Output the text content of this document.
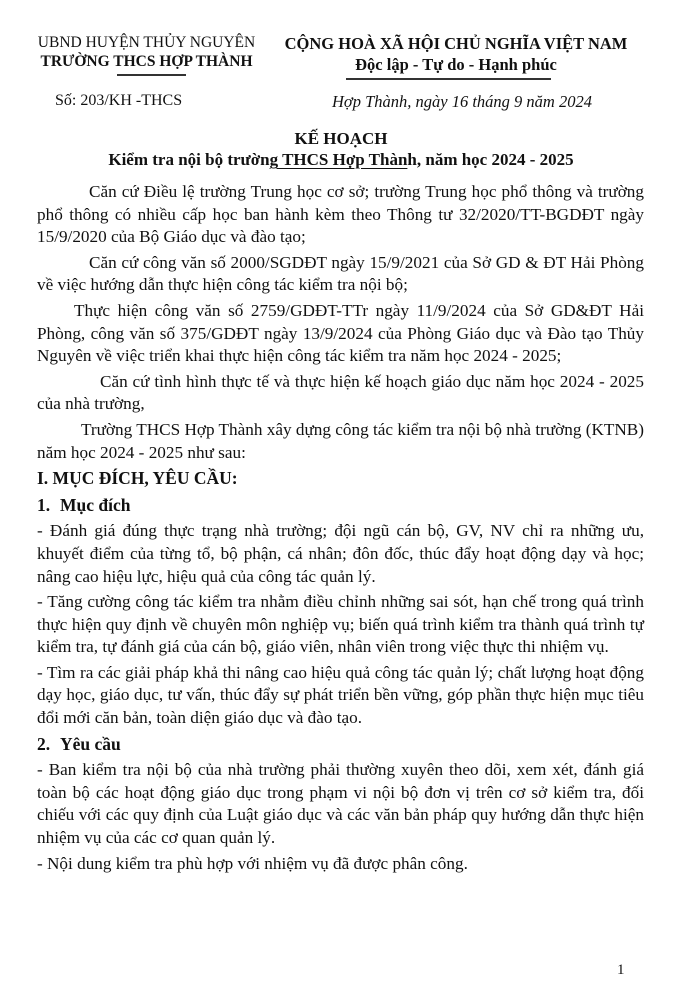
UBND HUYỆN THỦY NGUYÊN
TRƯỜNG THCS HỢP THÀNH
CỘNG HOÀ XÃ HỘI CHỦ NGHĨA VIỆT NAM
Độc lập - Tự do - Hạnh phúc
Số: 203/KH -THCS	Hợp Thành, ngày 16 tháng 9 năm 2024
KẾ HOẠCH
Kiểm tra nội bộ trường THCS Hợp Thành, năm học 2024 - 2025

Căn cứ Điều lệ trường Trung học cơ sở; trường Trung học phổ thông và trường phổ thông có nhiều cấp học ban hành kèm theo Thông tư 32/2020/TT-BGDĐT ngày 15/9/2020 của Bộ Giáo dục và đào tạo;

Căn cứ công văn số 2000/SGDĐT ngày 15/9/2021 của Sở GD & ĐT Hải Phòng về việc hướng dẫn thực hiện công tác kiểm tra nội bộ;

Thực hiện công văn số 2759/GDĐT-TTr ngày 11/9/2024 của Sở GD&ĐT Hải Phòng, công văn số 375/GDĐT ngày 13/9/2024 của Phòng Giáo dục và Đào tạo Thủy Nguyên về việc triển khai thực hiện công tác kiểm tra năm học 2024 - 2025;

Căn cứ tình hình thực tế và thực hiện kế hoạch giáo dục năm học 2024 - 2025 của nhà trường,

Trường THCS Hợp Thành xây dựng công tác kiểm tra nội bộ nhà trường (KTNB) năm học 2024 - 2025 như sau:

I. MỤC ĐÍCH, YÊU CẦU:

1. Mục đích

- Đánh giá đúng thực trạng nhà trường; đội ngũ cán bộ, GV, NV chỉ ra những ưu, khuyết điểm của từng tổ, bộ phận, cá nhân; đôn đốc, thúc đẩy hoạt động dạy và học; nâng cao hiệu lực, hiệu quả của công tác quản lý.

- Tăng cường công tác kiểm tra nhằm điều chỉnh những sai sót, hạn chế trong quá trình thực hiện quy định về chuyên môn nghiệp vụ; biến quá trình kiểm tra thành quá trình tự kiểm tra, tự đánh giá của cán bộ, giáo viên, nhân viên trong việc thực thi nhiệm vụ.

- Tìm ra các giải pháp khả thi nâng cao hiệu quả công tác quản lý; chất lượng hoạt động dạy học, giáo dục, tư vấn, thúc đẩy sự phát triển bền vững, góp phần thực hiện mục tiêu đổi mới căn bản, toàn diện giáo dục và đào tạo.

2. Yêu cầu

- Ban kiểm tra nội bộ của nhà trường phải thường xuyên theo dõi, xem xét, đánh giá toàn bộ các hoạt động giáo dục trong phạm vi nội bộ đơn vị trên cơ sở kiểm tra, đối chiếu với các quy định của Luật giáo dục và các văn bản pháp quy hướng dẫn thực hiện nhiệm vụ của các cơ quan quản lý.

- Nội dung kiểm tra phù hợp với nhiệm vụ đã được phân công.

1
